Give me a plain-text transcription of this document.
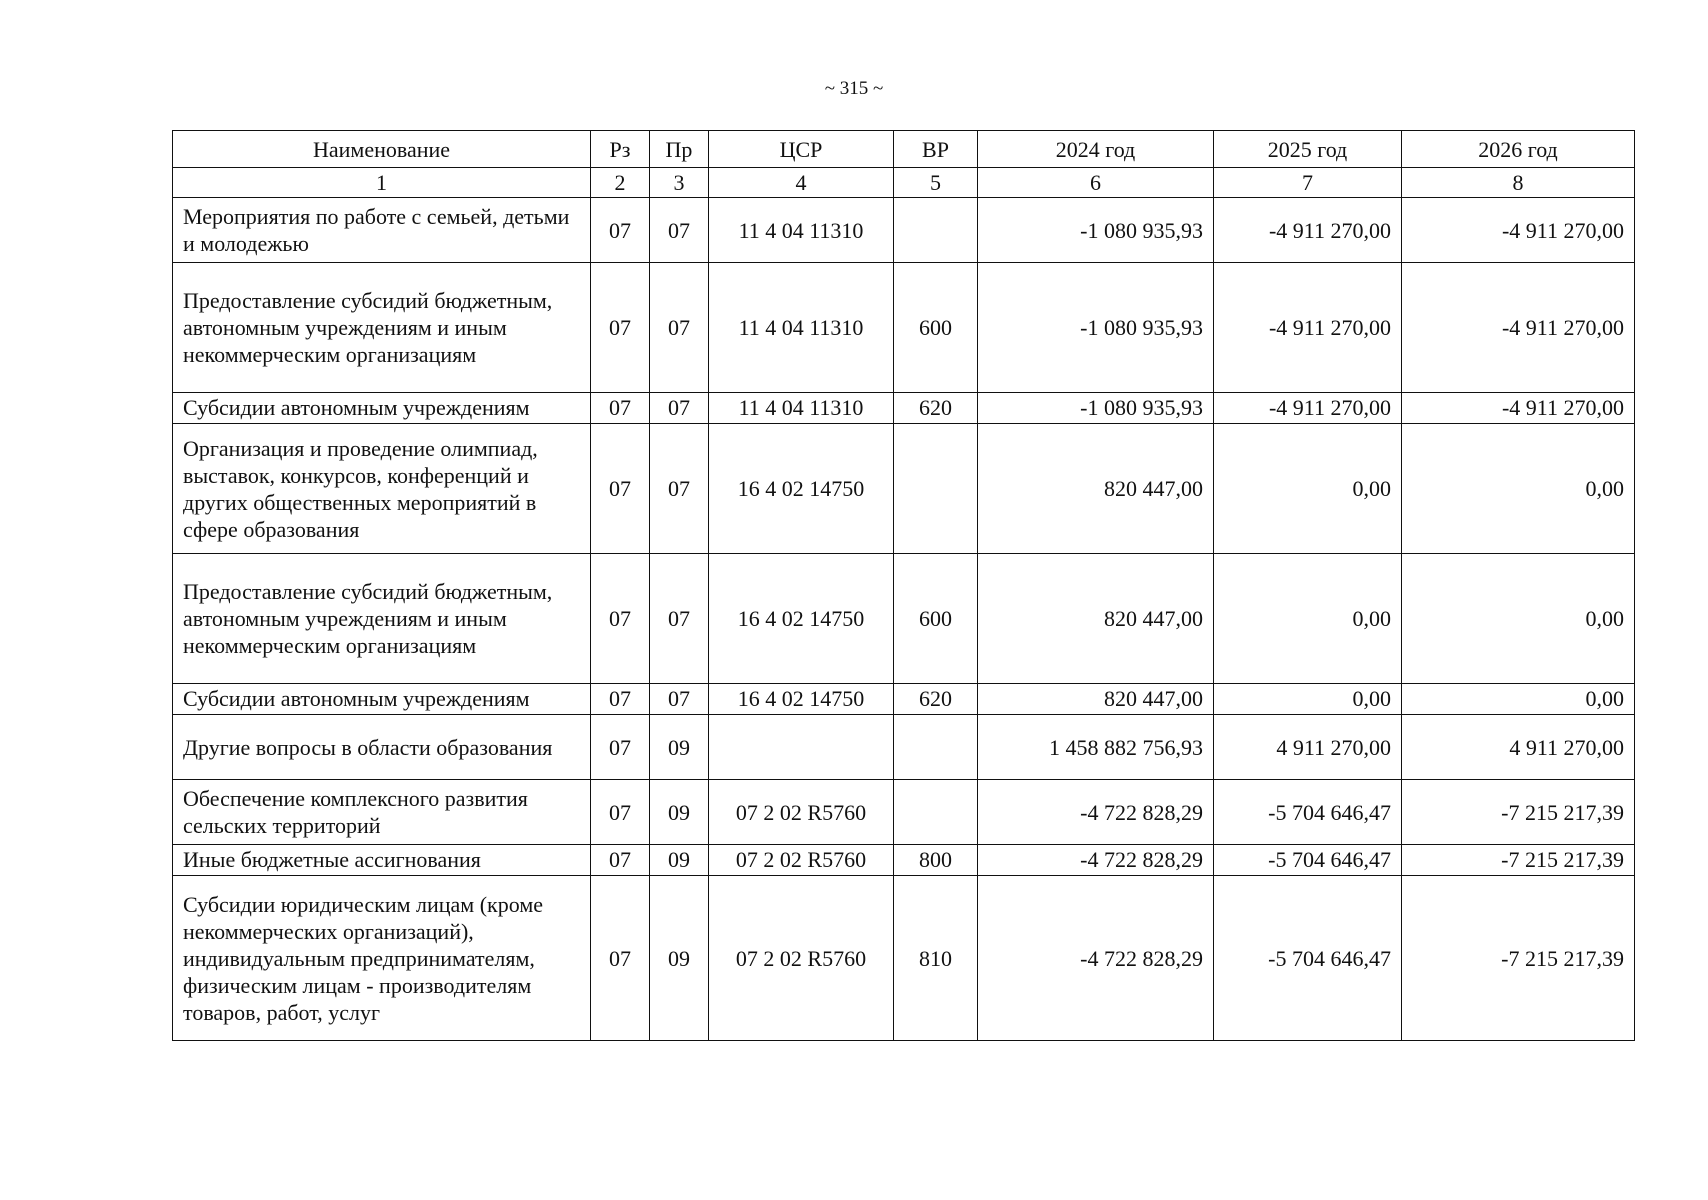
~ 315 ~
Наименование	Рз	Пр	ЦСР	ВР	2024 год	2025 год	2026 год
1	2	3	4	5	6	7	8
Мероприятия по работе с семьей, детьми и молодежью	07	07	11 4 04 11310		-1 080 935,93	-4 911 270,00	-4 911 270,00
Предоставление субсидий бюджетным, автономным учреждениям и иным некоммерческим организациям	07	07	11 4 04 11310	600	-1 080 935,93	-4 911 270,00	-4 911 270,00
Субсидии автономным учреждениям	07	07	11 4 04 11310	620	-1 080 935,93	-4 911 270,00	-4 911 270,00
Организация и проведение олимпиад, выставок, конкурсов, конференций и других общественных мероприятий в сфере образования	07	07	16 4 02 14750		820 447,00	0,00	0,00
Предоставление субсидий бюджетным, автономным учреждениям и иным некоммерческим организациям	07	07	16 4 02 14750	600	820 447,00	0,00	0,00
Субсидии автономным учреждениям	07	07	16 4 02 14750	620	820 447,00	0,00	0,00
Другие вопросы в области образования	07	09			1 458 882 756,93	4 911 270,00	4 911 270,00
Обеспечение комплексного развития сельских территорий	07	09	07 2 02 R5760		-4 722 828,29	-5 704 646,47	-7 215 217,39
Иные бюджетные ассигнования	07	09	07 2 02 R5760	800	-4 722 828,29	-5 704 646,47	-7 215 217,39
Субсидии юридическим лицам (кроме некоммерческих организаций), индивидуальным предпринимателям, физическим лицам - производителям товаров, работ, услуг	07	09	07 2 02 R5760	810	-4 722 828,29	-5 704 646,47	-7 215 217,39
